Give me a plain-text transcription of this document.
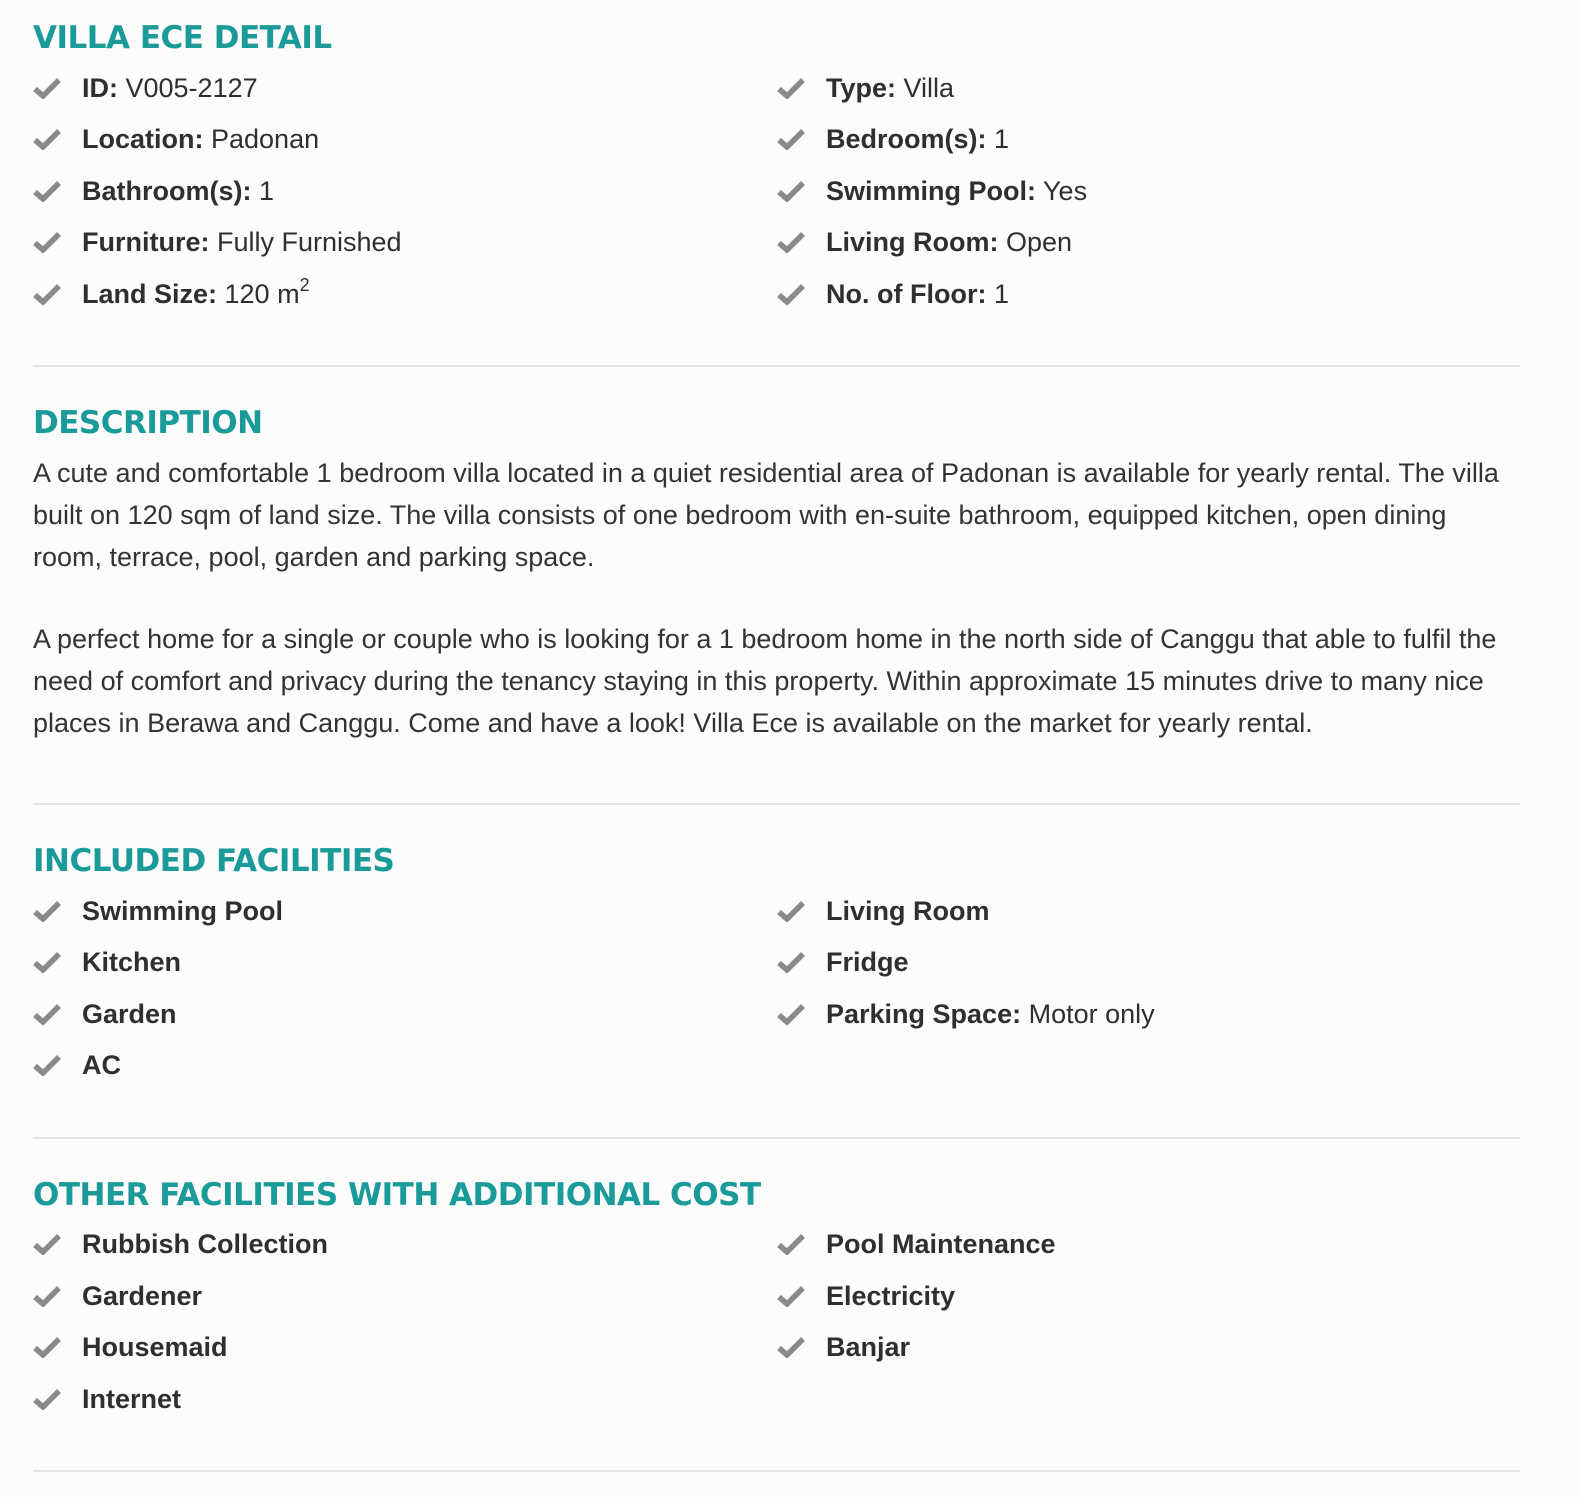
VILLA ECE DETAIL
ID: V005-2127	Type: Villa
Location: Padonan	Bedroom(s): 1
Bathroom(s): 1	Swimming Pool: Yes
Furniture: Fully Furnished	Living Room: Open
Land Size: 120 $m^2$	No. of Floor: 1
DESCRIPTION

A cute and comfortable 1 bedroom villa located in a quiet residential area of Padonan is available for yearly rental. The villa built on 120 sqm of land size. The villa consists of one bedroom with en-suite bathroom, equipped kitchen, open dining room, terrace, pool, garden and parking space.

A perfect home for a single or couple who is looking for a 1 bedroom home in the north side of Canggu that able to fulfil the need of comfort and privacy during the tenancy staying in this property. Within approximate 15 minutes drive to many nice places in Berawa and Canggu. Come and have a look! Villa Ece is available on the market for yearly rental.

INCLUDED FACILITIES
Swimming Pool	Living Room
Kitchen	Fridge
Garden	Parking Space: Motor only
AC
OTHER FACILITIES WITH ADDITIONAL COST
Rubbish Collection	Pool Maintenance
Gardener	Electricity
Housemaid	Banjar
Internet
